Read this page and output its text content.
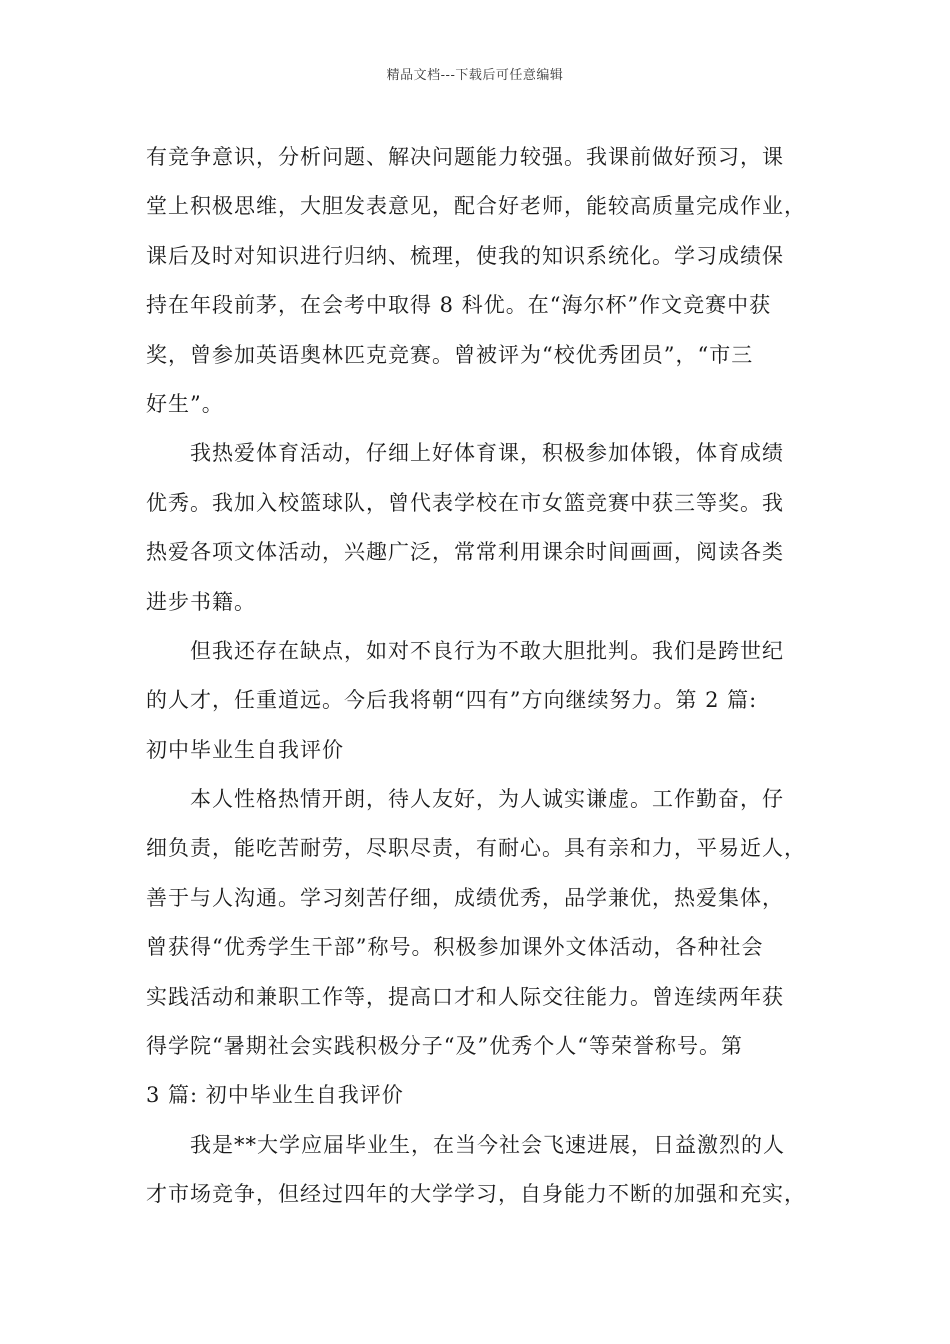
精品文档---下载后可任意编辑
有竞争意识，分析问题、解决问题能力较强。我课前做好预习，课
堂上积极思维，大胆发表意见，配合好老师，能较高质量完成作业，
课后及时对知识进行归纳、梳理，使我的知识系统化。学习成绩保
持在年段前茅，在会考中取得 8 科优。在“海尔杯”作文竞赛中获
奖，曾参加英语奥林匹克竞赛。曾被评为“校优秀团员”，“市三
好生”。
　　我热爱体育活动，仔细上好体育课，积极参加体锻，体育成绩
优秀。我加入校篮球队，曾代表学校在市女篮竞赛中获三等奖。我
热爱各项文体活动，兴趣广泛，常常利用课余时间画画，阅读各类
进步书籍。
　　但我还存在缺点，如对不良行为不敢大胆批判。我们是跨世纪
的人才，任重道远。今后我将朝“四有”方向继续努力。第 2 篇:
初中毕业生自我评价
　　本人性格热情开朗，待人友好，为人诚实谦虚。工作勤奋，仔
细负责，能吃苦耐劳，尽职尽责，有耐心。具有亲和力，平易近人，
善于与人沟通。学习刻苦仔细，成绩优秀，品学兼优，热爱集体，
曾获得“优秀学生干部”称号。积极参加课外文体活动，各种社会
实践活动和兼职工作等，提高口才和人际交往能力。曾连续两年获
得学院“暑期社会实践积极分子“及”优秀个人“等荣誉称号。第
3 篇: 初中毕业生自我评价
　　我是**大学应届毕业生，在当今社会飞速进展，日益激烈的人
才市场竞争，但经过四年的大学学习，自身能力不断的加强和充实，
